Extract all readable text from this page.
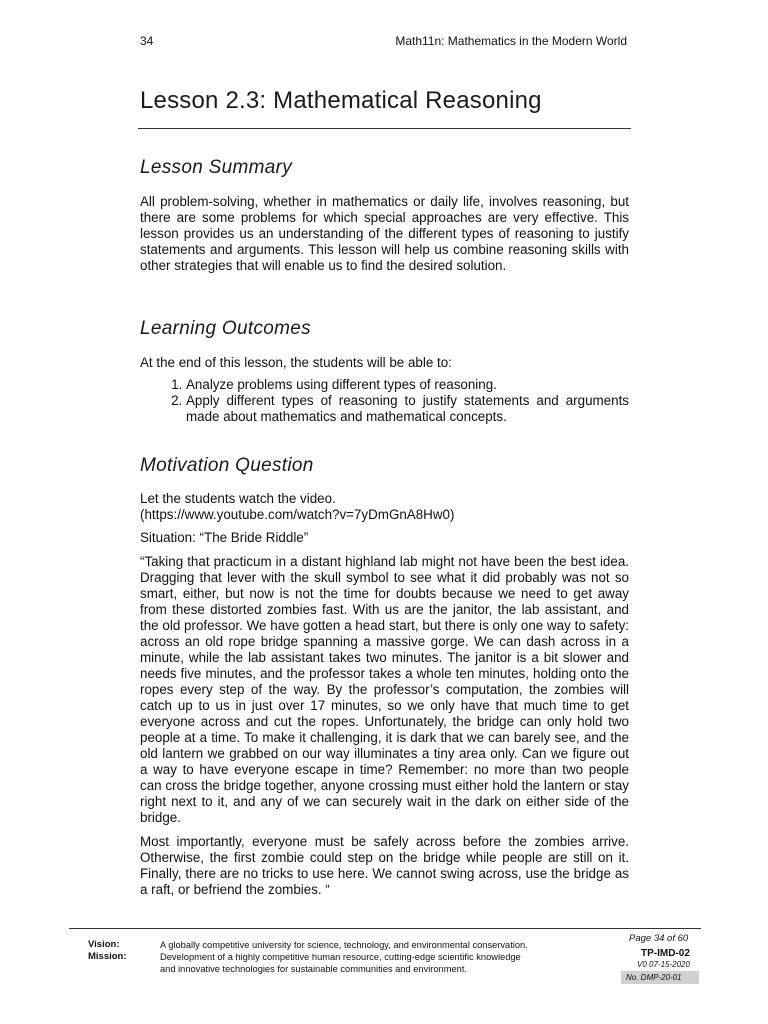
34	Math11n: Mathematics in the Modern World
Lesson 2.3: Mathematical Reasoning
Lesson Summary
All problem-solving, whether in mathematics or daily life, involves reasoning, but there are some problems for which special approaches are very effective. This lesson provides us an understanding of the different types of reasoning to justify statements and arguments. This lesson will help us combine reasoning skills with other strategies that will enable us to find the desired solution.
Learning Outcomes
At the end of this lesson, the students will be able to:
1. Analyze problems using different types of reasoning.
2. Apply different types of reasoning to justify statements and arguments made about mathematics and mathematical concepts.
Motivation Question
Let the students watch the video.
(https://www.youtube.com/watch?v=7yDmGnA8Hw0)
Situation: “The Bride Riddle”
“Taking that practicum in a distant highland lab might not have been the best idea. Dragging that lever with the skull symbol to see what it did probably was not so smart, either, but now is not the time for doubts because we need to get away from these distorted zombies fast. With us are the janitor, the lab assistant, and the old professor. We have gotten a head start, but there is only one way to safety: across an old rope bridge spanning a massive gorge. We can dash across in a minute, while the lab assistant takes two minutes. The janitor is a bit slower and needs five minutes, and the professor takes a whole ten minutes, holding onto the ropes every step of the way. By the professor’s computation, the zombies will catch up to us in just over 17 minutes, so we only have that much time to get everyone across and cut the ropes. Unfortunately, the bridge can only hold two people at a time. To make it challenging, it is dark that we can barely see, and the old lantern we grabbed on our way illuminates a tiny area only. Can we figure out a way to have everyone escape in time? Remember: no more than two people can cross the bridge together, anyone crossing must either hold the lantern or stay right next to it, and any of we can securely wait in the dark on either side of the bridge.
Most importantly, everyone must be safely across before the zombies arrive. Otherwise, the first zombie could step on the bridge while people are still on it. Finally, there are no tricks to use here. We cannot swing across, use the bridge as a raft, or befriend the zombies. “
Vision:
Mission:
A globally competitive university for science, technology, and environmental conservation.
Development of a highly competitive human resource, cutting-edge scientific knowledge
and innovative technologies for sustainable communities and environment.
Page 34 of 60
TP-IMD-02
V0 07-15-2020
No. DMP-20-01
